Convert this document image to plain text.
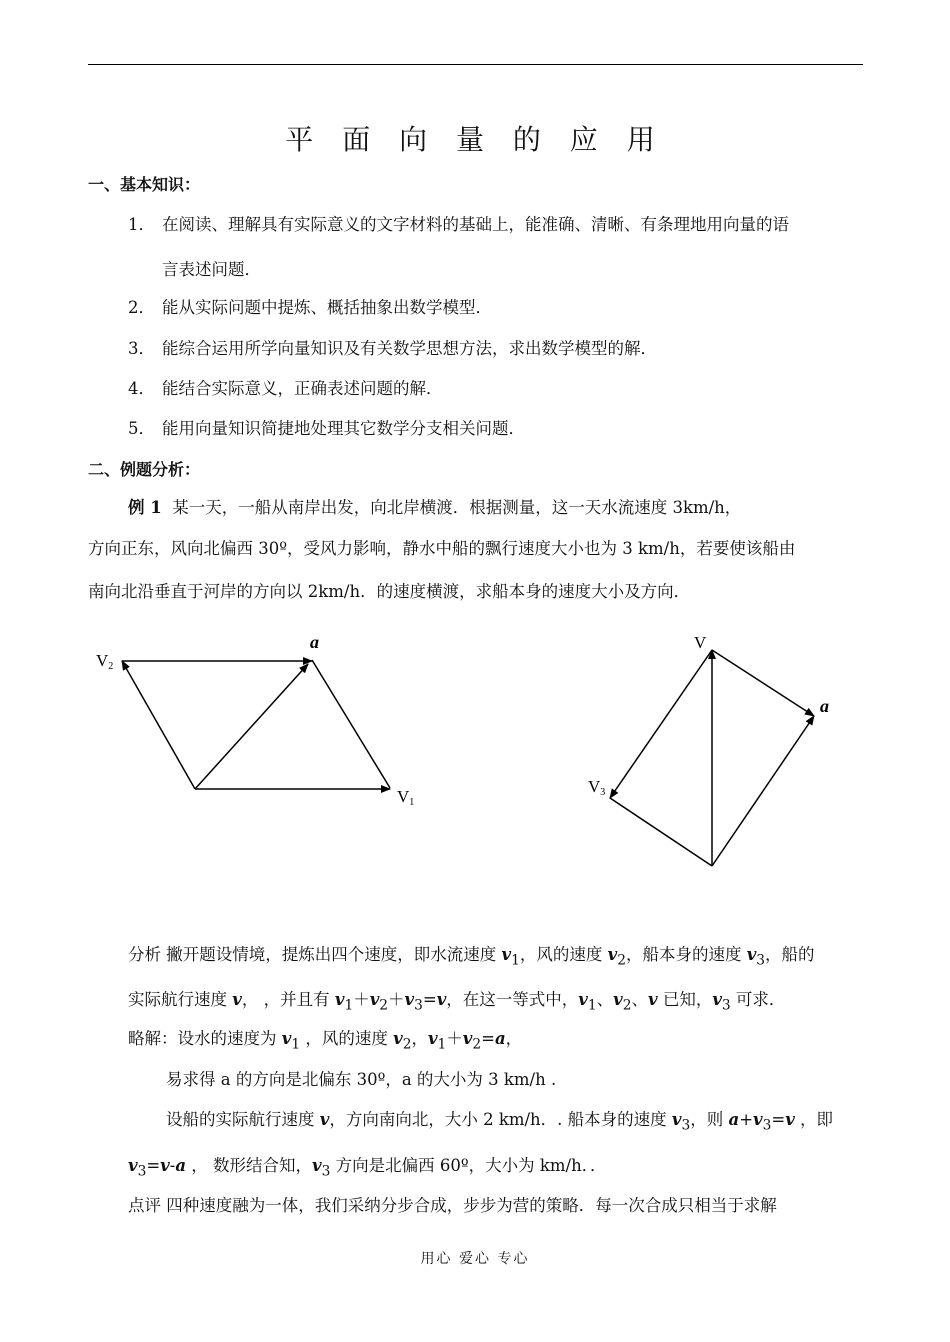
平 面 向 量 的 应 用
一、基本知识：
1． 在阅读、理解具有实际意义的文字材料的基础上，能准确、清晰、有条理地用向量的语
言表述问题．
2． 能从实际问题中提炼、概括抽象出数学模型．
3． 能综合运用所学向量知识及有关数学思想方法，求出数学模型的解．
4． 能结合实际意义，正确表述问题的解．
5． 能用向量知识简捷地处理其它数学分支相关问题．
二、例题分析：
例 1 某一天，一船从南岸出发，向北岸横渡．根据测量，这一天水流速度 3km/h，
方向正东，风向北偏西 30º，受风力影响，静水中船的飘行速度大小也为 3 km/h，若要使该船由
南向北沿垂直于河岸的方向以 2km/h．的速度横渡，求船本身的速度大小及方向．
V2
a
V1
V
a
V3
分析 撇开题设情境，提炼出四个速度，即水流速度 $v_1$，风的速度 $v_2$，船本身的速度 $v_3$，船的
实际航行速度 v， ，并且有 $v_1+v_2+v_3=v$，在这一等式中，$v_1$、$v_2$、v 已知，$v_3$ 可求．
略解：设水的速度为 $v_1$ ，风的速度 $v_2$，$v_1+v_2=a$，
易求得 a 的方向是北偏东 30º，a 的大小为 3 km/h .
设船的实际航行速度 v，方向南向北，大小 2 km/h．. 船本身的速度 $v_3$，则 $a+v_3=v$ ，即
$v_3=v-a$ ， 数形结合知，$v_3$ 方向是北偏西 60º，大小为 km/h．．
点评 四种速度融为一体，我们采纳分步合成，步步为营的策略．每一次合成只相当于求解
用心 爱心 专心
